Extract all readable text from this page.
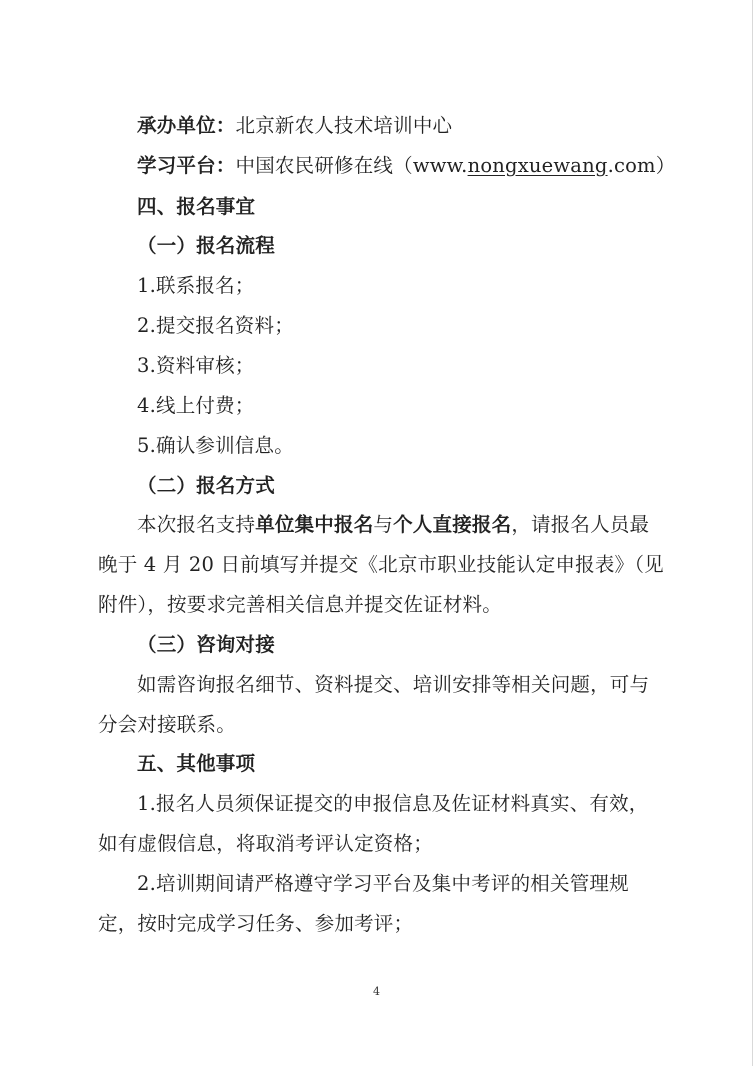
承办单位：北京新农人技术培训中心
学习平台：中国农民研修在线（www.nongxuewang.com）
四、报名事宜
（一）报名流程
1.联系报名；
2.提交报名资料；
3.资料审核；
4.线上付费；
5.确认参训信息。
（二）报名方式
本次报名支持单位集中报名与个人直接报名，请报名人员最
晚于 4 月 20 日前填写并提交《北京市职业技能认定申报表》（见
附件），按要求完善相关信息并提交佐证材料。
（三）咨询对接
如需咨询报名细节、资料提交、培训安排等相关问题，可与
分会对接联系。
五、其他事项
1.报名人员须保证提交的申报信息及佐证材料真实、有效，
如有虚假信息，将取消考评认定资格；
2.培训期间请严格遵守学习平台及集中考评的相关管理规
定，按时完成学习任务、参加考评；
4
